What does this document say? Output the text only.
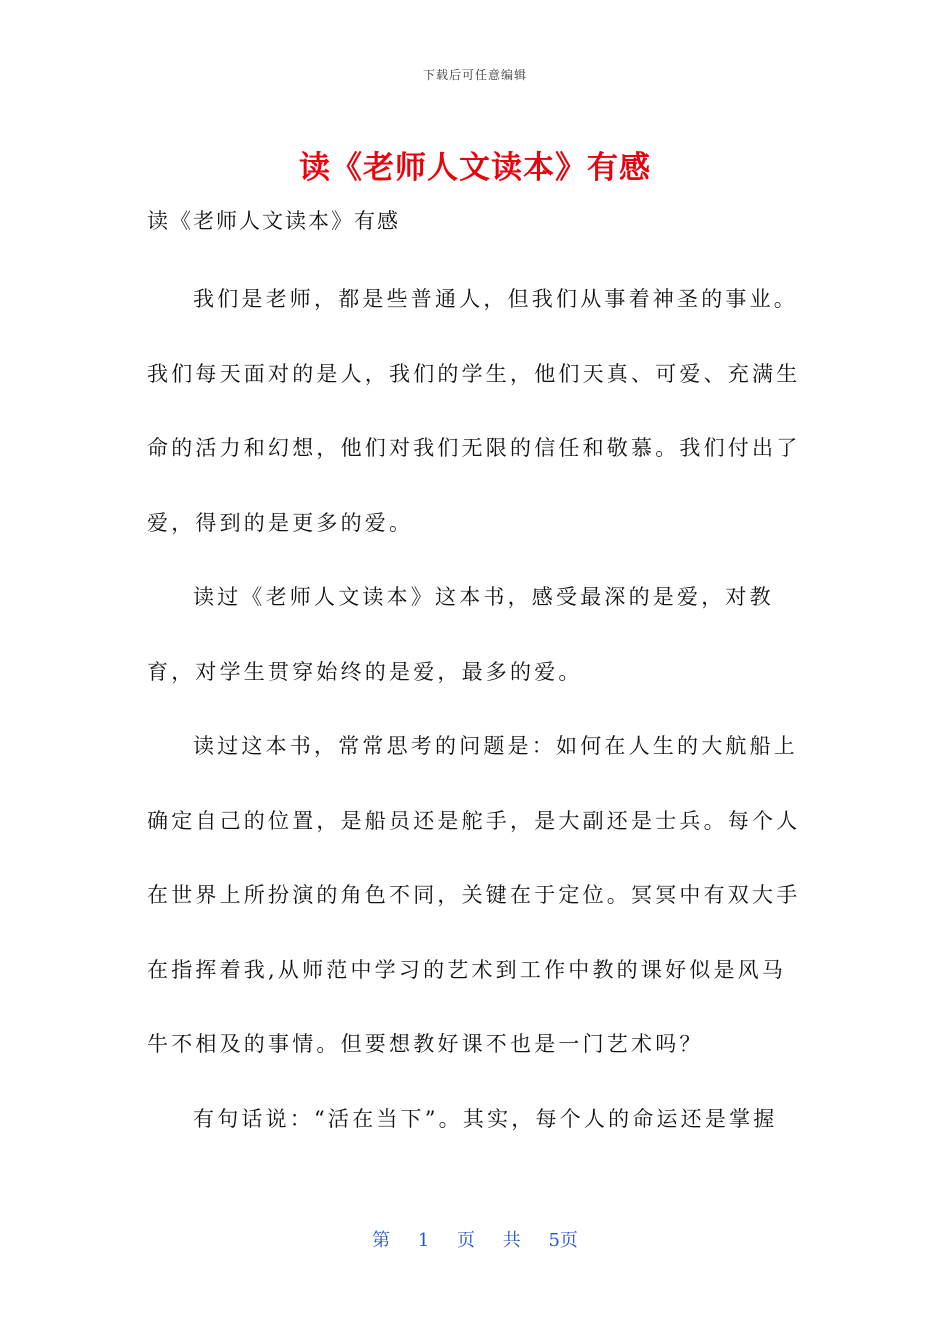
下载后可任意编辑
读《老师人文读本》有感
读《老师人文读本》有感

我们是老师，都是些普通人，但我们从事着神圣的事业。我们每天面对的是人，我们的学生，他们天真、可爱、充满生命的活力和幻想，他们对我们无限的信任和敬慕。我们付出了爱，得到的是更多的爱。

读过《老师人文读本》这本书，感受最深的是爱，对教育，对学生贯穿始终的是爱，最多的爱。

读过这本书，常常思考的问题是：如何在人生的大航船上确定自己的位置，是船员还是舵手，是大副还是士兵。每个人在世界上所扮演的角色不同，关键在于定位。冥冥中有双大手在指挥着我,从师范中学习的艺术到工作中教的课好似是风马牛不相及的事情。但要想教好课不也是一门艺术吗？

有句话说：“活在当下”。其实，每个人的命运还是掌握

第 1 页 共 5页
